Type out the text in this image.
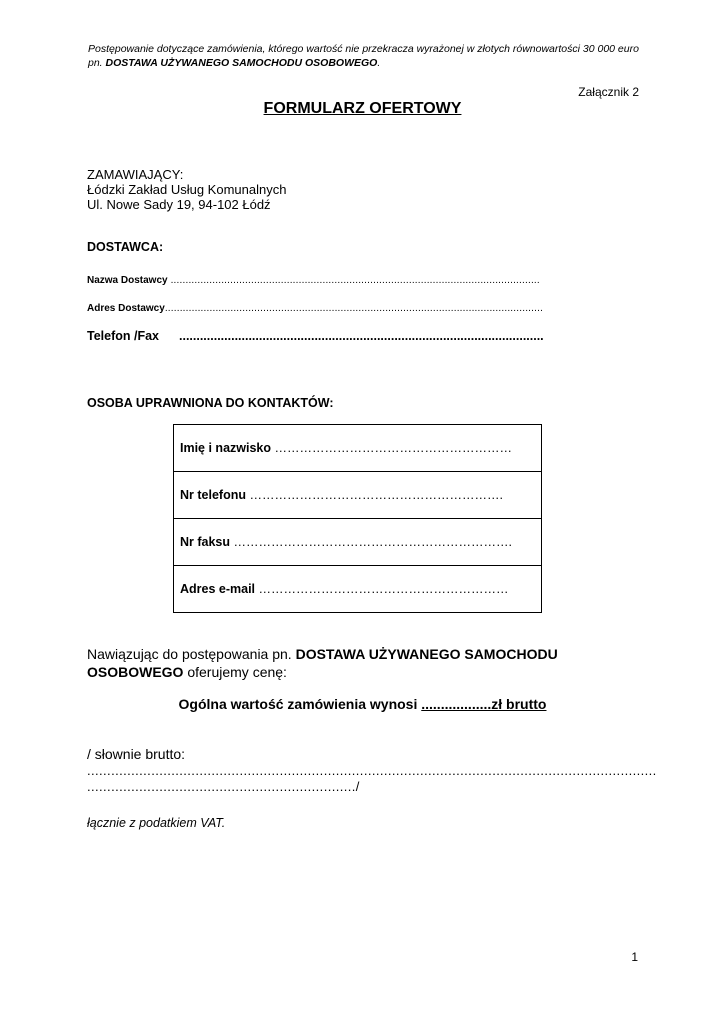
Postępowanie dotyczące zamówienia, którego wartość nie przekracza wyrażonej w złotych równowartości 30 000 euro pn. DOSTAWA UŻYWANEGO SAMOCHODU OSOBOWEGO.
Załącznik 2
FORMULARZ OFERTOWY
ZAMAWIAJĄCY:
Łódzki Zakład Usług Komunalnych
Ul. Nowe Sady 19, 94-102 Łódź
DOSTAWCA:
Nazwa Dostawcy ............................................................................................................................
Adres Dostawcy...............................................................................................................................
Telefon /Fax .........................................................................................................
OSOBA UPRAWNIONA DO KONTAKTÓW:
Imię i nazwisko …………………………………………………
Nr telefonu …………………………………………………….
Nr faksu ………………………………………………………….
Adres e-mail ……………………………………………………
Nawiązując do postępowania pn. DOSTAWA UŻYWANEGO SAMOCHODU OSOBOWEGO oferujemy cenę:
Ogólna wartość zamówienia wynosi ..................zł brutto
/ słownie brutto:
..............................................................................................................................................
.................................................................../
łącznie z podatkiem VAT.
1
